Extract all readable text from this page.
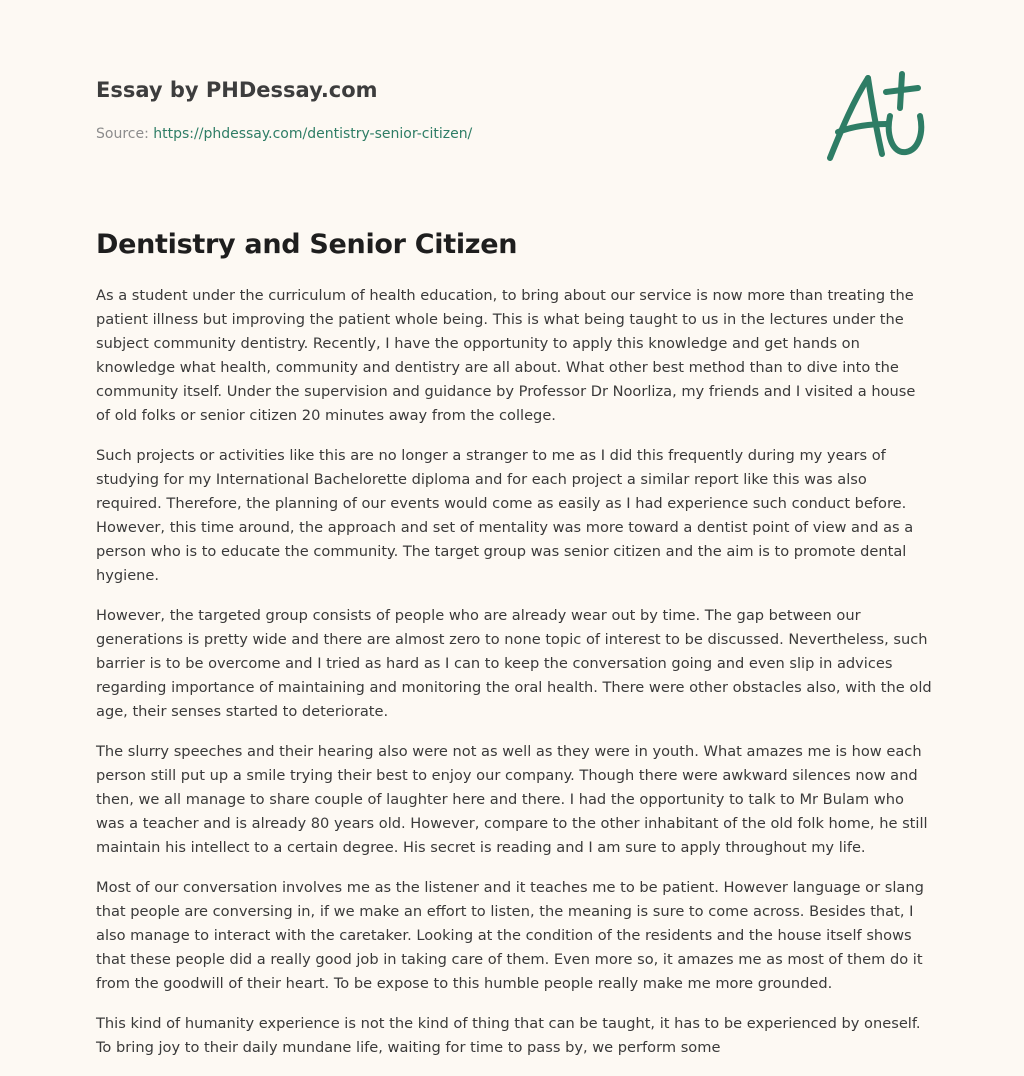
Essay by PHDessay.com
Source: https://phdessay.com/dentistry-senior-citizen/
Dentistry and Senior Citizen

As a student under the curriculum of health education, to bring about our service is now more than treating the patient illness but improving the patient whole being. This is what being taught to us in the lectures under the subject community dentistry. Recently, I have the opportunity to apply this knowledge and get hands on knowledge what health, community and dentistry are all about. What other best method than to dive into the community itself. Under the supervision and guidance by Professor Dr Noorliza, my friends and I visited a house of old folks or senior citizen 20 minutes away from the college.

Such projects or activities like this are no longer a stranger to me as I did this frequently during my years of studying for my International Bachelorette diploma and for each project a similar report like this was also required. Therefore, the planning of our events would come as easily as I had experience such conduct before. However, this time around, the approach and set of mentality was more toward a dentist point of view and as a person who is to educate the community. The target group was senior citizen and the aim is to promote dental hygiene.

However, the targeted group consists of people who are already wear out by time. The gap between our generations is pretty wide and there are almost zero to none topic of interest to be discussed. Nevertheless, such barrier is to be overcome and I tried as hard as I can to keep the conversation going and even slip in advices regarding importance of maintaining and monitoring the oral health. There were other obstacles also, with the old age, their senses started to deteriorate.

The slurry speeches and their hearing also were not as well as they were in youth. What amazes me is how each person still put up a smile trying their best to enjoy our company. Though there were awkward silences now and then, we all manage to share couple of laughter here and there. I had the opportunity to talk to Mr Bulam who was a teacher and is already 80 years old. However, compare to the other inhabitant of the old folk home, he still maintain his intellect to a certain degree. His secret is reading and I am sure to apply throughout my life.

Most of our conversation involves me as the listener and it teaches me to be patient. However language or slang that people are conversing in, if we make an effort to listen, the meaning is sure to come across. Besides that, I also manage to interact with the caretaker. Looking at the condition of the residents and the house itself shows that these people did a really good job in taking care of them. Even more so, it amazes me as most of them do it from the goodwill of their heart. To be expose to this humble people really make me more grounded.

This kind of humanity experience is not the kind of thing that can be taught, it has to be experienced by oneself. To bring joy to their daily mundane life, waiting for time to pass by, we perform some
